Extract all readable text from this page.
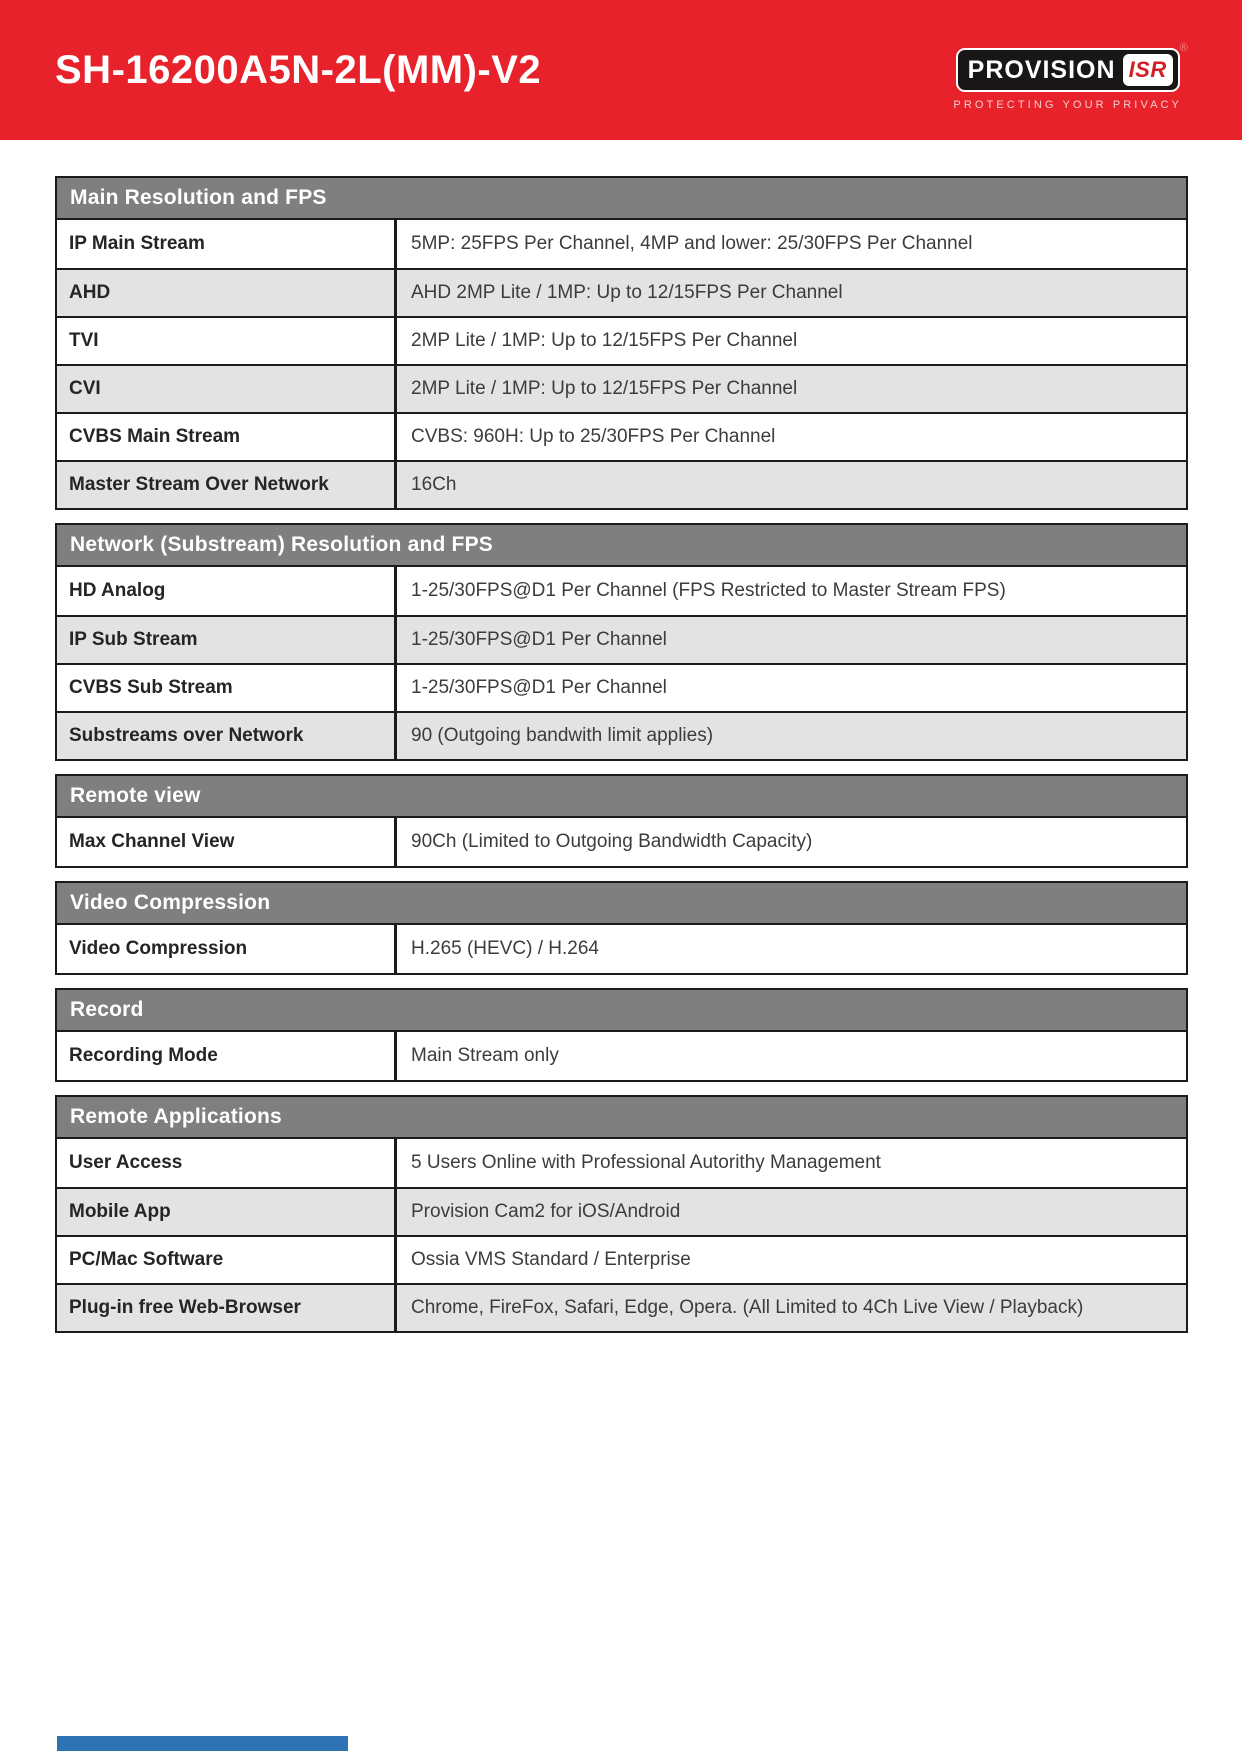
SH-16200A5N-2L(MM)-V2	PROVISION ISR
®
PROTECTING YOUR PRIVACY
Main Resolution and FPS
IP Main Stream	5MP: 25FPS Per Channel, 4MP and lower: 25/30FPS Per Channel
AHD	AHD 2MP Lite / 1MP: Up to 12/15FPS Per Channel
TVI	2MP Lite / 1MP: Up to 12/15FPS Per Channel
CVI	2MP Lite / 1MP: Up to 12/15FPS Per Channel
CVBS Main Stream	CVBS: 960H: Up to 25/30FPS Per Channel
Master Stream Over Network	16Ch
Network (Substream) Resolution and FPS
HD Analog	1-25/30FPS@D1 Per Channel (FPS Restricted to Master Stream FPS)
IP Sub Stream	1-25/30FPS@D1 Per Channel
CVBS Sub Stream	1-25/30FPS@D1 Per Channel
Substreams over Network	90 (Outgoing bandwith limit applies)
Remote view
Max Channel View	90Ch (Limited to Outgoing Bandwidth Capacity)
Video Compression
Video Compression	H.265 (HEVC) / H.264
Record
Recording Mode	Main Stream only
Remote Applications
User Access	5 Users Online with Professional Autorithy Management
Mobile App	Provision Cam2 for iOS/Android
PC/Mac Software	Ossia VMS Standard / Enterprise
Plug-in free Web-Browser	Chrome, FireFox, Safari, Edge, Opera. (All Limited to 4Ch Live View / Playback)
